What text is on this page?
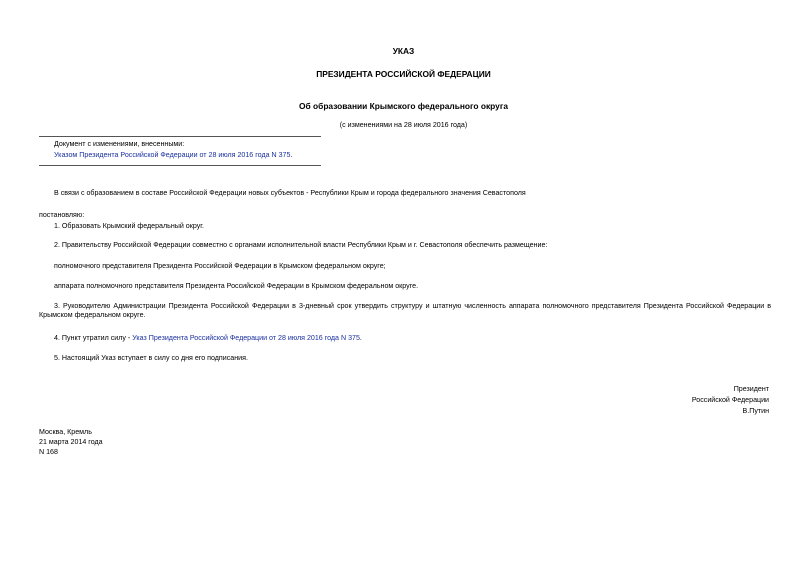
УКАЗ
ПРЕЗИДЕНТА РОССИЙСКОЙ ФЕДЕРАЦИИ
Об образовании Крымского федерального округа
(с изменениями на 28 июля 2016 года)
Документ с изменениями, внесенными:
Указом Президента Российской Федерации от 28 июля 2016 года N 375.
В связи с образованием в составе Российской Федерации новых субъектов - Республики Крым и города федерального значения Севастополя
постановляю:
1. Образовать Крымский федеральный округ.
2. Правительству Российской Федерации совместно с органами исполнительной власти Республики Крым и г. Севастополя обеспечить размещение:
полномочного представителя Президента Российской Федерации в Крымском федеральном округе;
аппарата полномочного представителя Президента Российской Федерации в Крымском федеральном округе.
3. Руководителю Администрации Президента Российской Федерации в 3-дневный срок утвердить структуру и штатную численность аппарата полномочного представителя Президента Российской Федерации в Крымском федеральном округе.
4. Пункт утратил силу - Указ Президента Российской Федерации от 28 июля 2016 года N 375.
5. Настоящий Указ вступает в силу со дня его подписания.
Президент
Российской Федерации
В.Путин
Москва, Кремль
21 марта 2014 года
N 168
